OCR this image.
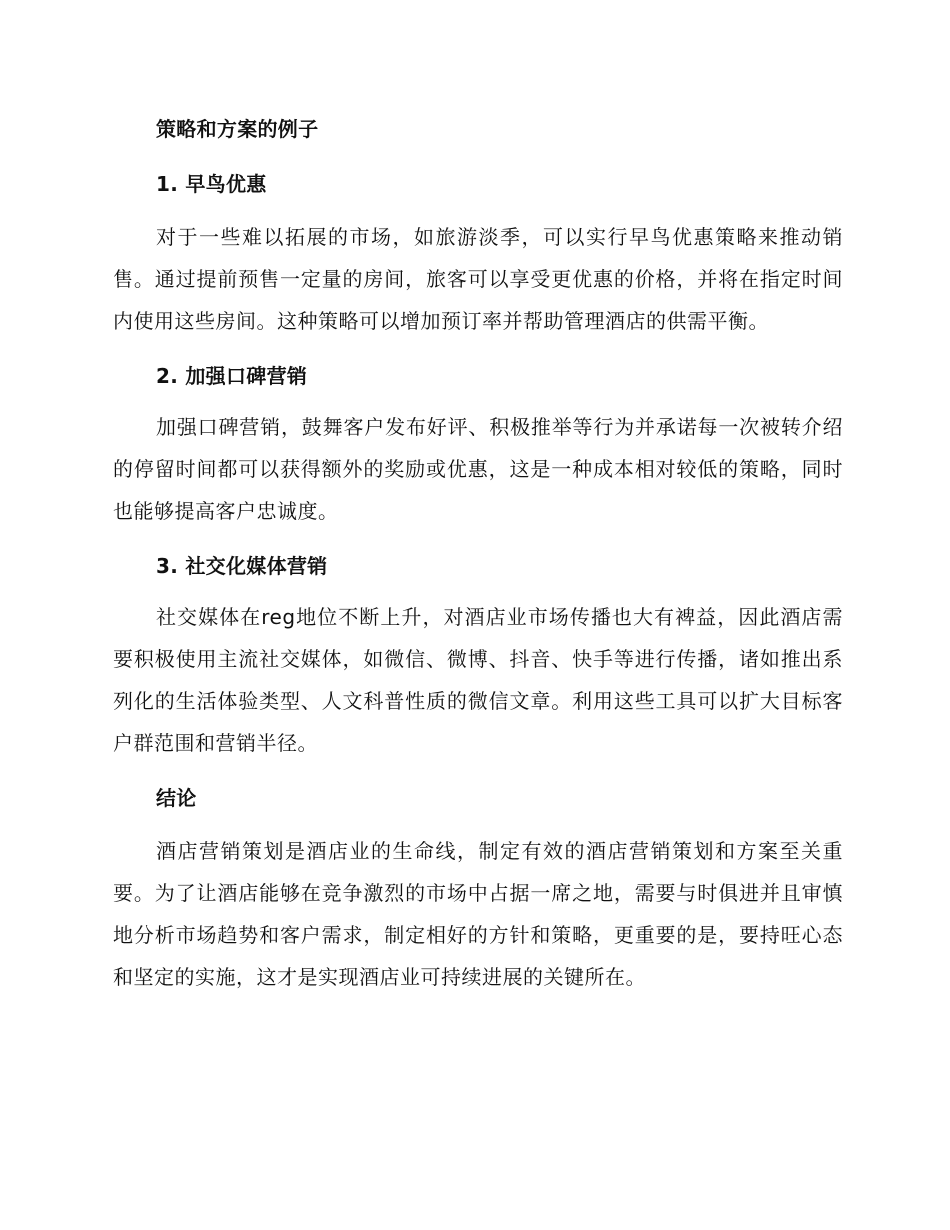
策略和方案的例子
1. 早鸟优惠

对于一些难以拓展的市场，如旅游淡季，可以实行早鸟优惠策略来推动销售。通过提前预售一定量的房间，旅客可以享受更优惠的价格，并将在指定时间内使用这些房间。这种策略可以增加预订率并帮助管理酒店的供需平衡。

2. 加强口碑营销

加强口碑营销，鼓舞客户发布好评、积极推举等行为并承诺每一次被转介绍的停留时间都可以获得额外的奖励或优惠，这是一种成本相对较低的策略，同时也能够提高客户忠诚度。

3. 社交化媒体营销

社交媒体在reg地位不断上升，对酒店业市场传播也大有裨益，因此酒店需要积极使用主流社交媒体，如微信、微博、抖音、快手等进行传播，诸如推出系列化的生活体验类型、人文科普性质的微信文章。利用这些工具可以扩大目标客户群范围和营销半径。

结论

酒店营销策划是酒店业的生命线，制定有效的酒店营销策划和方案至关重要。为了让酒店能够在竞争激烈的市场中占据一席之地，需要与时俱进并且审慎地分析市场趋势和客户需求，制定相好的方针和策略，更重要的是，要持旺心态和坚定的实施，这才是实现酒店业可持续进展的关键所在。
